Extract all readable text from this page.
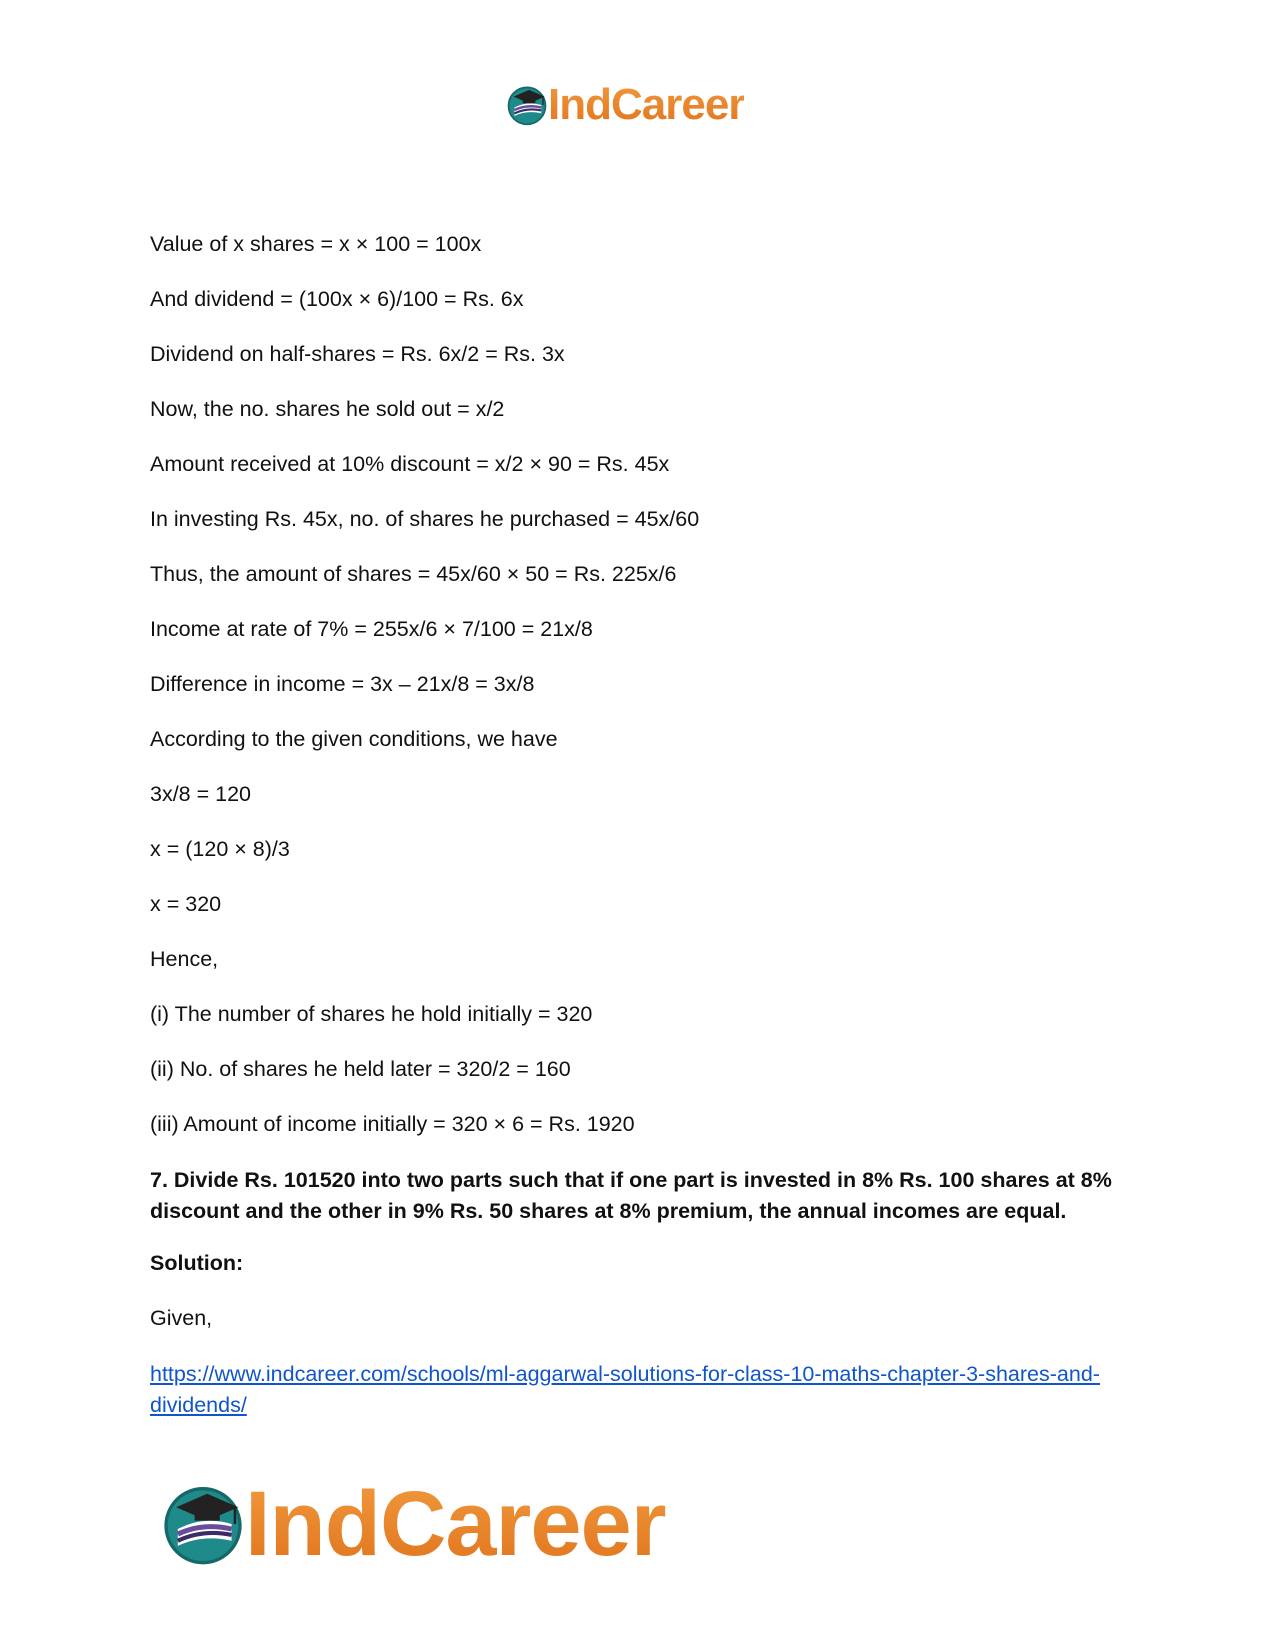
IndCareer
Value of x shares = x × 100 = 100x
And dividend = (100x × 6)/100 = Rs. 6x
Dividend on half-shares = Rs. 6x/2 = Rs. 3x
Now, the no. shares he sold out = x/2
Amount received at 10% discount = x/2 × 90 = Rs. 45x
In investing Rs. 45x, no. of shares he purchased = 45x/60
Thus, the amount of shares = 45x/60 × 50 = Rs. 225x/6
Income at rate of 7% = 255x/6 × 7/100 = 21x/8
Difference in income = 3x – 21x/8 = 3x/8
According to the given conditions, we have
3x/8 = 120
x = (120 × 8)/3
x = 320
Hence,
(i) The number of shares he hold initially = 320
(ii) No. of shares he held later = 320/2 = 160
(iii) Amount of income initially = 320 × 6 = Rs. 1920
7. Divide Rs. 101520 into two parts such that if one part is invested in 8% Rs. 100 shares at 8% discount and the other in 9% Rs. 50 shares at 8% premium, the annual incomes are equal.
Solution:
Given,
https://www.indcareer.com/schools/ml-aggarwal-solutions-for-class-10-maths-chapter-3-shares-and-dividends/
IndCareer
